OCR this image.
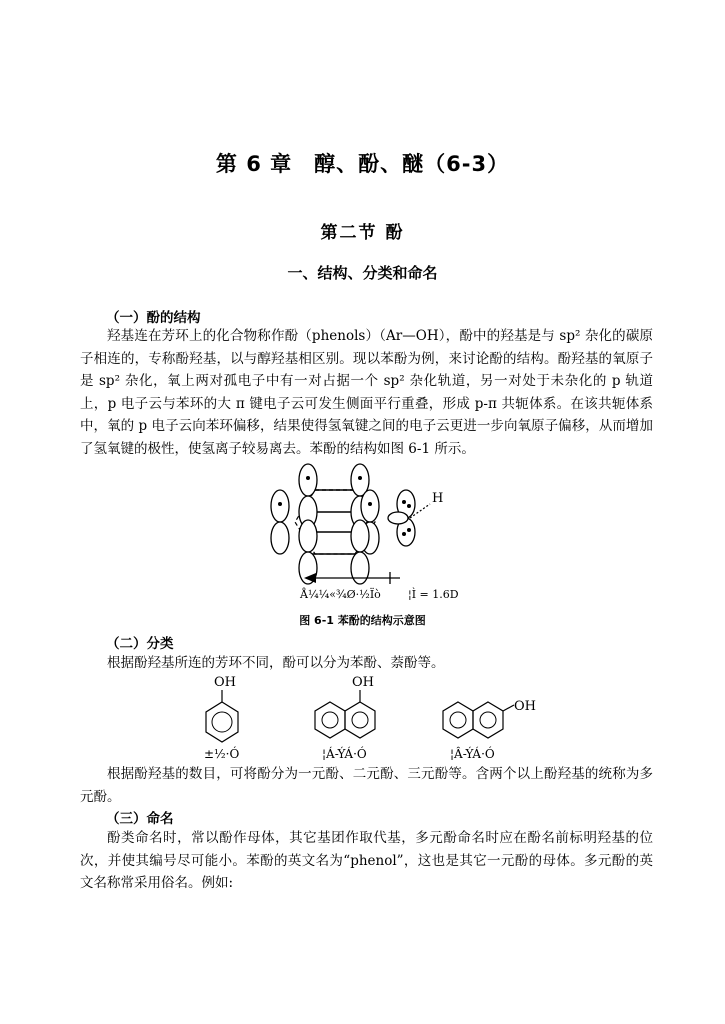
第 6 章　醇、酚、醚（6-3）
第二节 酚
一、结构、分类和命名
（一）酚的结构

羟基连在芳环上的化合物称作酚（phenols）（Ar—OH），酚中的羟基是与 sp² 杂化的碳原子相连的，专称酚羟基，以与醇羟基相区别。现以苯酚为例，来讨论酚的结构。酚羟基的氧原子是 sp² 杂化，氧上两对孤电子中有一对占据一个 sp² 杂化轨道，另一对处于未杂化的 p 轨道上，p 电子云与苯环的大 π 键电子云可发生侧面平行重叠，形成 p-π 共轭体系。在该共轭体系中，氧的 p 电子云向苯环偏移，结果使得氢氧键之间的电子云更进一步向氧原子偏移，从而增加了氢氧键的极性，使氢离子较易离去。苯酚的结构如图 6-1 所示。

H
Å¼¼«¾Ø·½Ïò ¦Ì = 1.6D
图 6-1 苯酚的结构示意图
（二）分类

根据酚羟基所连的芳环不同，酚可以分为苯酚、萘酚等。

OH
±½·Ó
OH
¦Á-ÝÁ·Ó
OH
¦Â-ÝÁ·Ó

根据酚羟基的数目，可将酚分为一元酚、二元酚、三元酚等。含两个以上酚羟基的统称为多元酚。

（三）命名

酚类命名时，常以酚作母体，其它基团作取代基，多元酚命名时应在酚名前标明羟基的位次，并使其编号尽可能小。苯酚的英文名为“phenol”，这也是其它一元酚的母体。多元酚的英文名称常采用俗名。例如:
